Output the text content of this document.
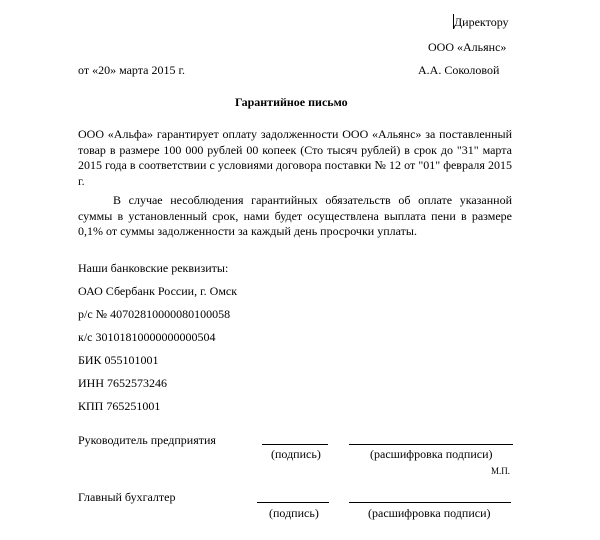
Директору
ООО «Альянс»
от «20» марта 2015 г.	А.А. Соколовой
Гарантийное письмо
ООО «Альфа» гарантирует оплату задолженности ООО «Альянс» за поставленный товар в размере 100 000 рублей 00 копеек (Сто тысяч рублей) в срок до "31" марта 2015 года в соответствии с условиями договора поставки № 12 от "01" февраля 2015 г.
В случае несоблюдения гарантийных обязательств об оплате указанной суммы в установленный срок, нами будет осуществлена выплата пени в размере 0,1% от суммы задолженности за каждый день просрочки уплаты.
Наши банковские реквизиты:
ОАО Сбербанк России, г. Омск
р/с № 40702810000080100058
к/с 30101810000000000504
БИК 055101001
ИНН 7652573246
КПП 765251001
Руководитель предприятия
(подпись)	(расшифровка подписи)
М.П.
Главный бухгалтер
(подпись)	(расшифровка подписи)
